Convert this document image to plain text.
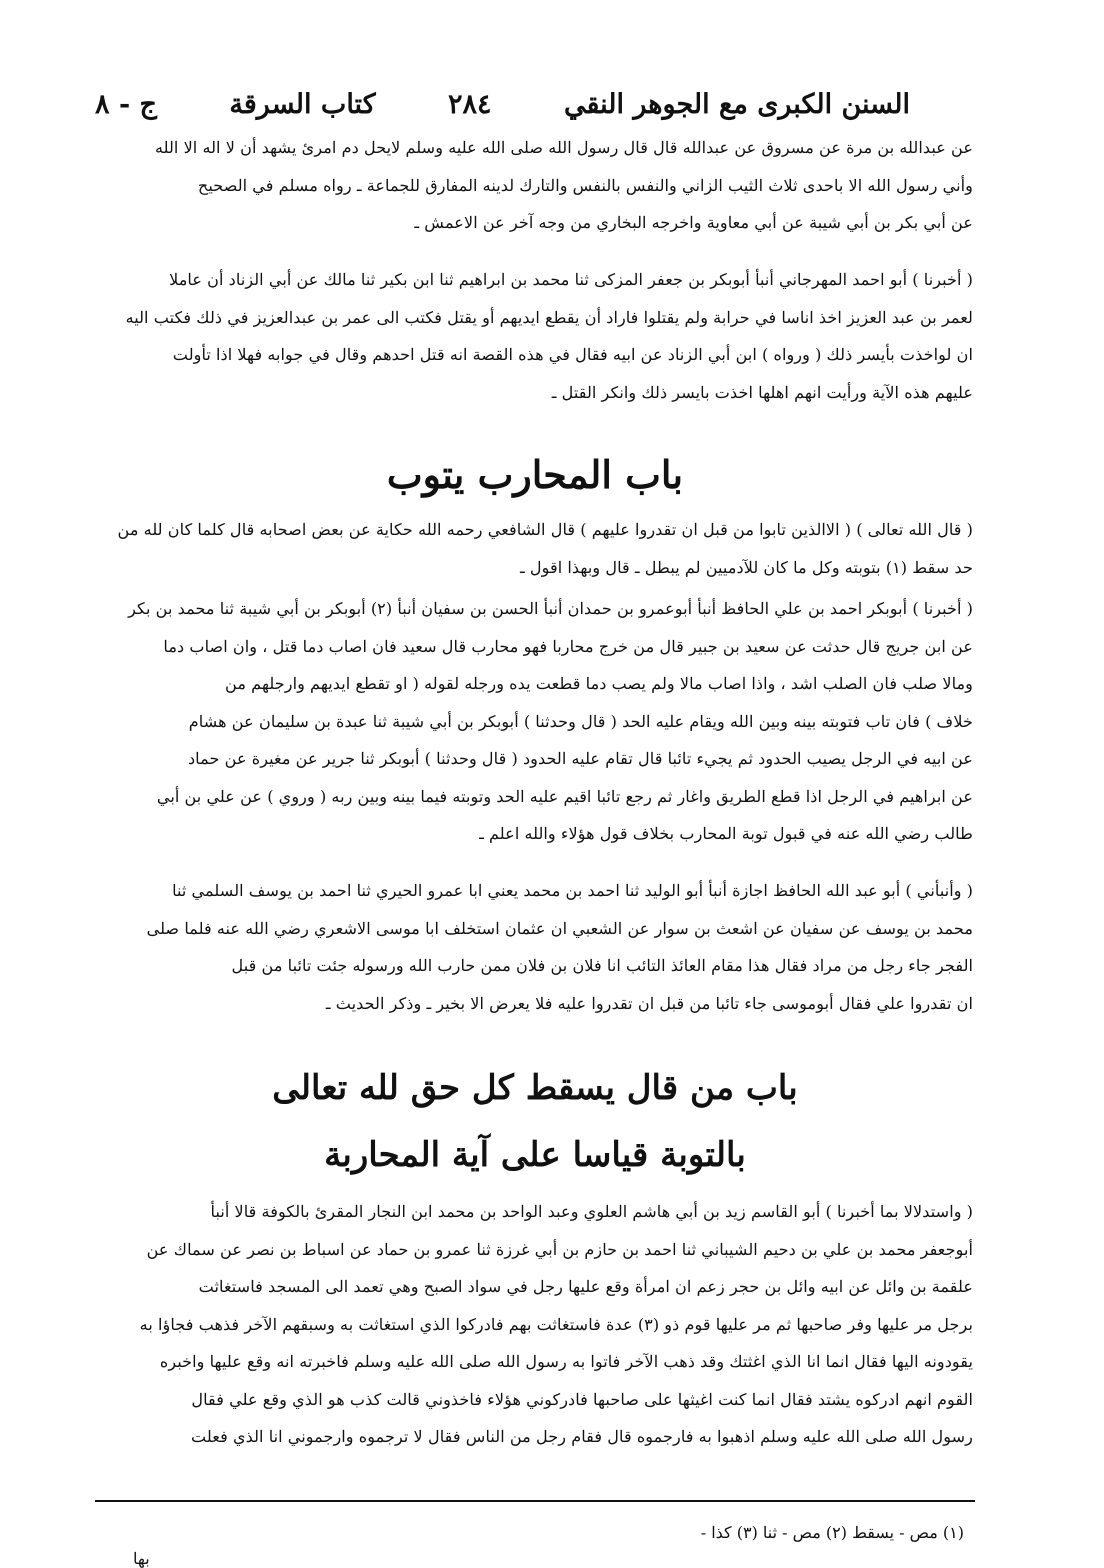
السنن الكبرى مع الجوهر النقي
٢٨٤
كتاب السرقة
ج - ٨
عن عبدالله بن مرة عن مسروق عن عبدالله قال قال رسول الله صلى الله عليه وسلم لايحل دم امرئ يشهد أن لا اله الا الله
وأني رسول الله الا باحدى ثلاث الثيب الزاني والنفس بالنفس والتارك لدينه المفارق للجماعة ـ رواه مسلم في الصحيح
عن أبي بكر بن أبي شيبة عن أبي معاوية واخرجه البخاري من وجه آخر عن الاعمش ـ
( أخبرنا ) أبو احمد المهرجاني أنبأ أبوبكر بن جعفر المزكى ثنا محمد بن ابراهيم ثنا ابن بكير ثنا مالك عن أبي الزناد أن عاملا
لعمر بن عبد العزيز اخذ اناسا في حرابة ولم يقتلوا فاراد أن يقطع ايديهم أو يقتل فكتب الى عمر بن عبدالعزيز في ذلك فكتب اليه
ان لواخذت بأيسر ذلك ( ورواه ) ابن أبي الزناد عن ابيه فقال في هذه القصة انه قتل احدهم وقال في جوابه فهلا اذا تأولت
عليهم هذه الآية ورأيت انهم اهلها اخذت بايسر ذلك وانكر القتل ـ
باب المحارب يتوب
( قال الله تعالى ) ( الاالذين تابوا من قبل ان تقدروا عليهم ) قال الشافعي رحمه الله حكاية عن بعض اصحابه قال كلما كان لله من
حد سقط (١) بتوبته وكل ما كان للآدميين لم يبطل ـ قال وبهذا اقول ـ
( أخبرنا ) أبوبكر احمد بن علي الحافظ أنبأ أبوعمرو بن حمدان أنبأ الحسن بن سفيان أنبأ (٢) أبوبكر بن أبي شيبة ثنا محمد بن بكر
عن ابن جريج قال حدثت عن سعيد بن جبير قال من خرج محاربا فهو محارب قال سعيد فان اصاب دما قتل ، وان اصاب دما
ومالا صلب فان الصلب اشد ، واذا اصاب مالا ولم يصب دما قطعت يده ورجله لقوله ( او تقطع ايديهم وارجلهم من
خلاف ) فان تاب فتوبته بينه وبين الله ويقام عليه الحد ( قال وحدثنا ) أبوبكر بن أبي شيبة ثنا عبدة بن سليمان عن هشام
عن ابيه في الرجل يصيب الحدود ثم يجيء تائبا قال تقام عليه الحدود ( قال وحدثنا ) أبوبكر ثنا جرير عن مغيرة عن حماد
عن ابراهيم في الرجل اذا قطع الطريق واغار ثم رجع تائبا اقيم عليه الحد وتوبته فيما بينه وبين ربه ( وروي ) عن علي بن أبي
طالب رضي الله عنه في قبول توبة المحارب بخلاف قول هؤلاء والله اعلم ـ
( وأنبأني ) أبو عبد الله الحافظ اجازة أنبأ أبو الوليد ثنا احمد بن محمد يعني ابا عمرو الحيري ثنا احمد بن يوسف السلمي ثنا
محمد بن يوسف عن سفيان عن اشعث بن سوار عن الشعبي ان عثمان استخلف ابا موسى الاشعري رضي الله عنه فلما صلى
الفجر جاء رجل من مراد فقال هذا مقام العائذ التائب انا فلان بن فلان ممن حارب الله ورسوله جئت تائبا من قبل
ان تقدروا علي فقال أبوموسى جاء تائبا من قبل ان تقدروا عليه فلا يعرض الا بخير ـ وذكر الحديث ـ
باب من قال يسقط كل حق لله تعالى
بالتوبة قياسا على آية المحاربة
( واستدلالا بما أخبرنا ) أبو القاسم زيد بن أبي هاشم العلوي وعبد الواحد بن محمد ابن النجار المقرئ بالكوفة قالا أنبأ
أبوجعفر محمد بن علي بن دحيم الشيباني ثنا احمد بن حازم بن أبي غرزة ثنا عمرو بن حماد عن اسباط بن نصر عن سماك عن
علقمة بن وائل عن ابيه وائل بن حجر زعم ان امرأة وقع عليها رجل في سواد الصبح وهي تعمد الى المسجد فاستغاثت
برجل مر عليها وفر صاحبها ثم مر عليها قوم ذو (٣) عدة فاستغاثت بهم فادركوا الذي استغاثت به وسبقهم الآخر فذهب فجاؤا به
يقودونه اليها فقال انما انا الذي اغثتك وقد ذهب الآخر فاتوا به رسول الله صلى الله عليه وسلم فاخبرته انه وقع عليها واخبره
القوم انهم ادركوه يشتد فقال انما كنت اغيثها على صاحبها فادركوني هؤلاء فاخذوني قالت كذب هو الذي وقع علي فقال
رسول الله صلى الله عليه وسلم اذهبوا به فارجموه قال فقام رجل من الناس فقال لا ترجموه وارجموني انا الذي فعلت
(١) مص - يسقط (٢) مص - ثنا (٣) كذا -
بها
